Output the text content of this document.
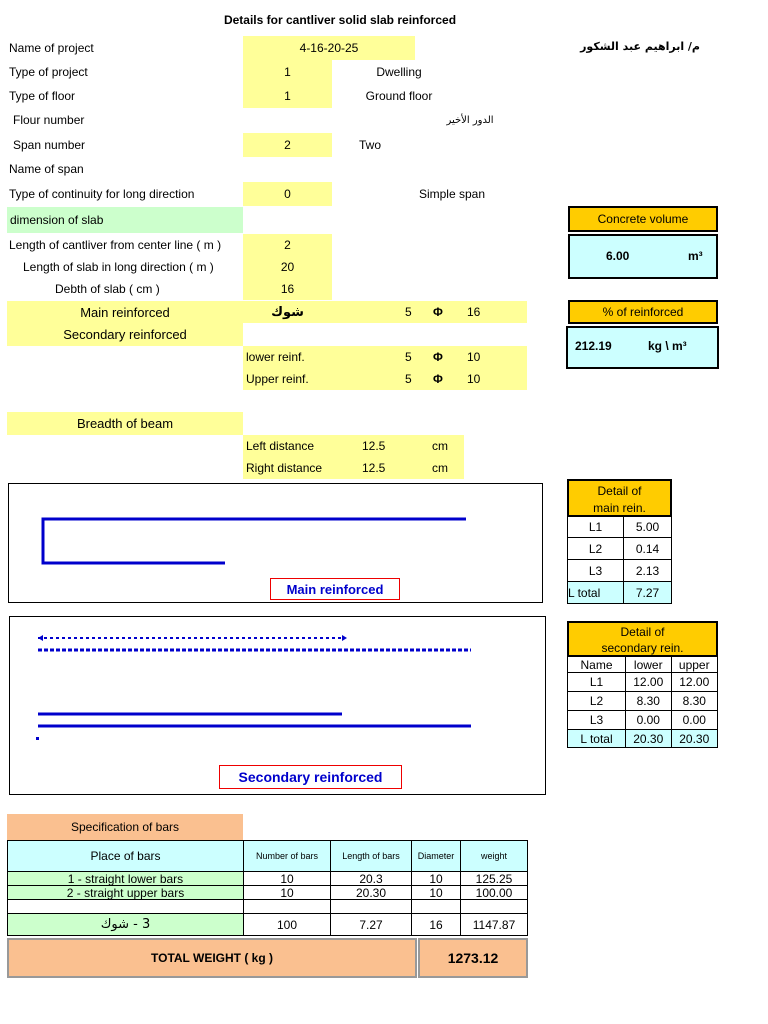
Details for cantliver solid slab reinforced
م/ ابراهيم عبد الشكور
Name of project	4-16-20-25
Type of project	1	Dwelling
Type of floor	1	Ground floor
Flour number	الدور الأخير
Span number	2	Two
Name of span
Type of continuity for long direction	0	Simple span
dimension of slab
Length of cantliver from center line ( m )	2
Length of slab in long direction ( m )	20
Debth of slab ( cm )	16
Main reinforced	شوك	5 Φ 16
Secondary reinforced
lower reinf.	5 Φ 10
Upper reinf.	5 Φ 10
Breadth of beam
Left distance	12.5	cm
Right distance	12.5	cm
Concrete volume
6.00	m³
% of reinforced
212.19	kg \ m³
Main reinforced
Secondary reinforced
Detail of
main rein.
L1	5.00
L2	0.14
L3	2.13
L total	7.27
Detail of
secondary rein.
Name	lower	upper
L1	12.00	12.00
L2	8.30	8.30
L3	0.00	0.00
L total	20.30	20.30
Specification of bars
Place of bars	Number of bars	Length of bars	Diameter	weight
1 - straight lower bars	10	20.3	10	125.25
2 - straight upper bars	10	20.30	10	100.00

3 - شوك	100	7.27	16	1147.87
TOTAL WEIGHT ( kg )	1273.12
